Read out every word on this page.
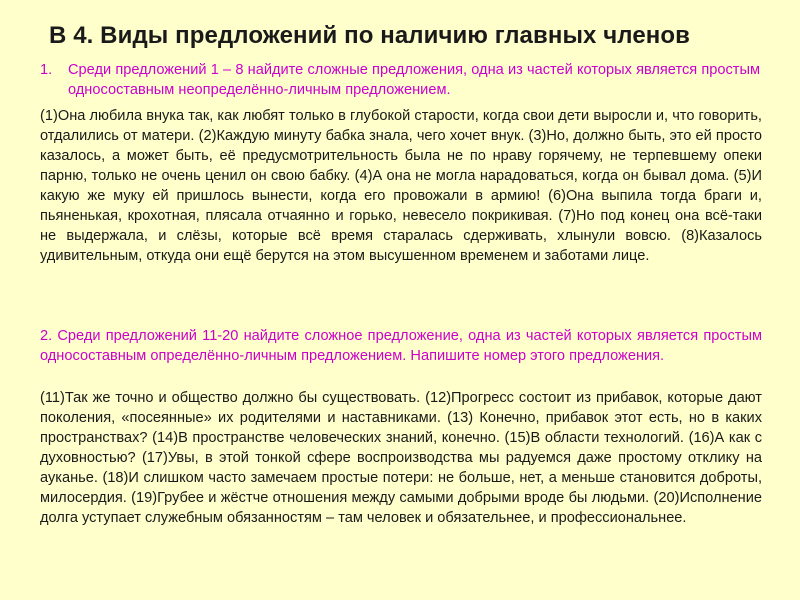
В 4. Виды предложений по наличию главных членов
1. Среди предложений 1 – 8 найдите сложные предложения, одна из частей которых является простым односоставным неопределённо-личным предложением.
(1)Она любила внука так, как любят только в глубокой старости, когда свои дети выросли и, что говорить, отдалились от матери. (2)Каждую минуту бабка знала, чего хочет внук. (3)Но, должно быть, это ей просто казалось, а может быть, её предусмотрительность была не по нраву горячему, не терпевшему опеки парню, только не очень ценил он свою бабку. (4)А она не могла нарадоваться, когда он бывал дома. (5)И какую же муку ей пришлось вынести, когда его провожали в армию! (6)Она выпила тогда браги и, пьяненькая, крохотная, плясала отчаянно и горько, невесело покрикивая. (7)Но под конец она всё-таки не выдержала, и слёзы, которые всё время старалась сдерживать, хлынули вовсю. (8)Казалось удивительным, откуда они ещё берутся на этом высушенном временем и заботами лице.
2. Среди предложений 11-20 найдите сложное предложение, одна из частей которых является простым односоставным определённо-личным предложением. Напишите номер этого предложения.
(11)Так же точно и общество должно бы существовать. (12)Прогресс состоит из прибавок, которые дают поколения, «посеянные» их родителями и наставниками. (13) Конечно, прибавок этот есть, но в каких пространствах? (14)В пространстве человеческих знаний, конечно. (15)В области технологий. (16)А как с духовностью? (17)Увы, в этой тонкой сфере воспроизводства мы радуемся даже простому отклику на ауканье. (18)И слишком часто замечаем простые потери: не больше, нет, а меньше становится доброты, милосердия. (19)Грубее и жёстче отношения между самыми добрыми вроде бы людьми. (20)Исполнение долга уступает служебным обязанностям – там человек и обязательнее, и профессиональнее.
